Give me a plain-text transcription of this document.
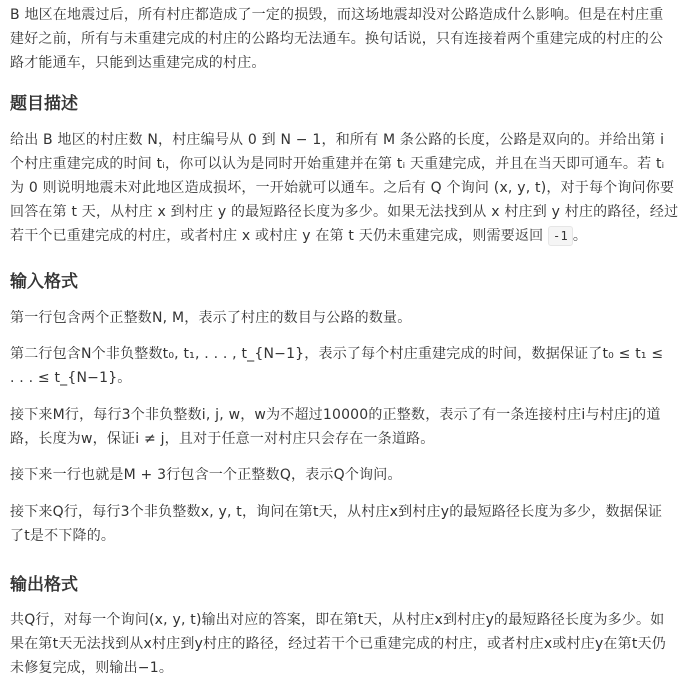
B 地区在地震过后，所有村庄都造成了一定的损毁，而这场地震却没对公路造成什么影响。但是在村庄重

建好之前，所有与未重建完成的村庄的公路均无法通车。换句话说，只有连接着两个重建完成的村庄的公

路才能通车，只能到达重建完成的村庄。

题目描述

给出 B 地区的村庄数 N，村庄编号从 0 到 N − 1，和所有 M 条公路的长度，公路是双向的。并给出第 i

个村庄重建完成的时间 tᵢ，你可以认为是同时开始重建并在第 tᵢ 天重建完成，并且在当天即可通车。若 tᵢ

为 0 则说明地震未对此地区造成损坏，一开始就可以通车。之后有 Q 个询问 (x, y, t)，对于每个询问你要

回答在第 t 天，从村庄 x 到村庄 y 的最短路径长度为多少。如果无法找到从 x 村庄到 y 村庄的路径，经过

若干个已重建完成的村庄，或者村庄 x 或村庄 y 在第 t 天仍未重建完成，则需要返回 -1 。

输入格式

第一行包含两个正整数N, M，表示了村庄的数目与公路的数量。

第二行包含N个非负整数t₀, t₁, . . . , t_{N−1}，表示了每个村庄重建完成的时间，数据保证了t₀ ≤ t₁ ≤

. . . ≤ t_{N−1}。

接下来M行，每行3个非负整数i, j, w，w为不超过10000的正整数，表示了有一条连接村庄i与村庄j的道

路，长度为w，保证i ≠ j，且对于任意一对村庄只会存在一条道路。

接下来一行也就是M + 3行包含一个正整数Q，表示Q个询问。

接下来Q行，每行3个非负整数x, y, t，询问在第t天，从村庄x到村庄y的最短路径长度为多少，数据保证

了t是不下降的。

输出格式

共Q行，对每一个询问(x, y, t)输出对应的答案，即在第t天，从村庄x到村庄y的最短路径长度为多少。如

果在第t天无法找到从x村庄到y村庄的路径，经过若干个已重建完成的村庄，或者村庄x或村庄y在第t天仍

未修复完成，则输出−1。
